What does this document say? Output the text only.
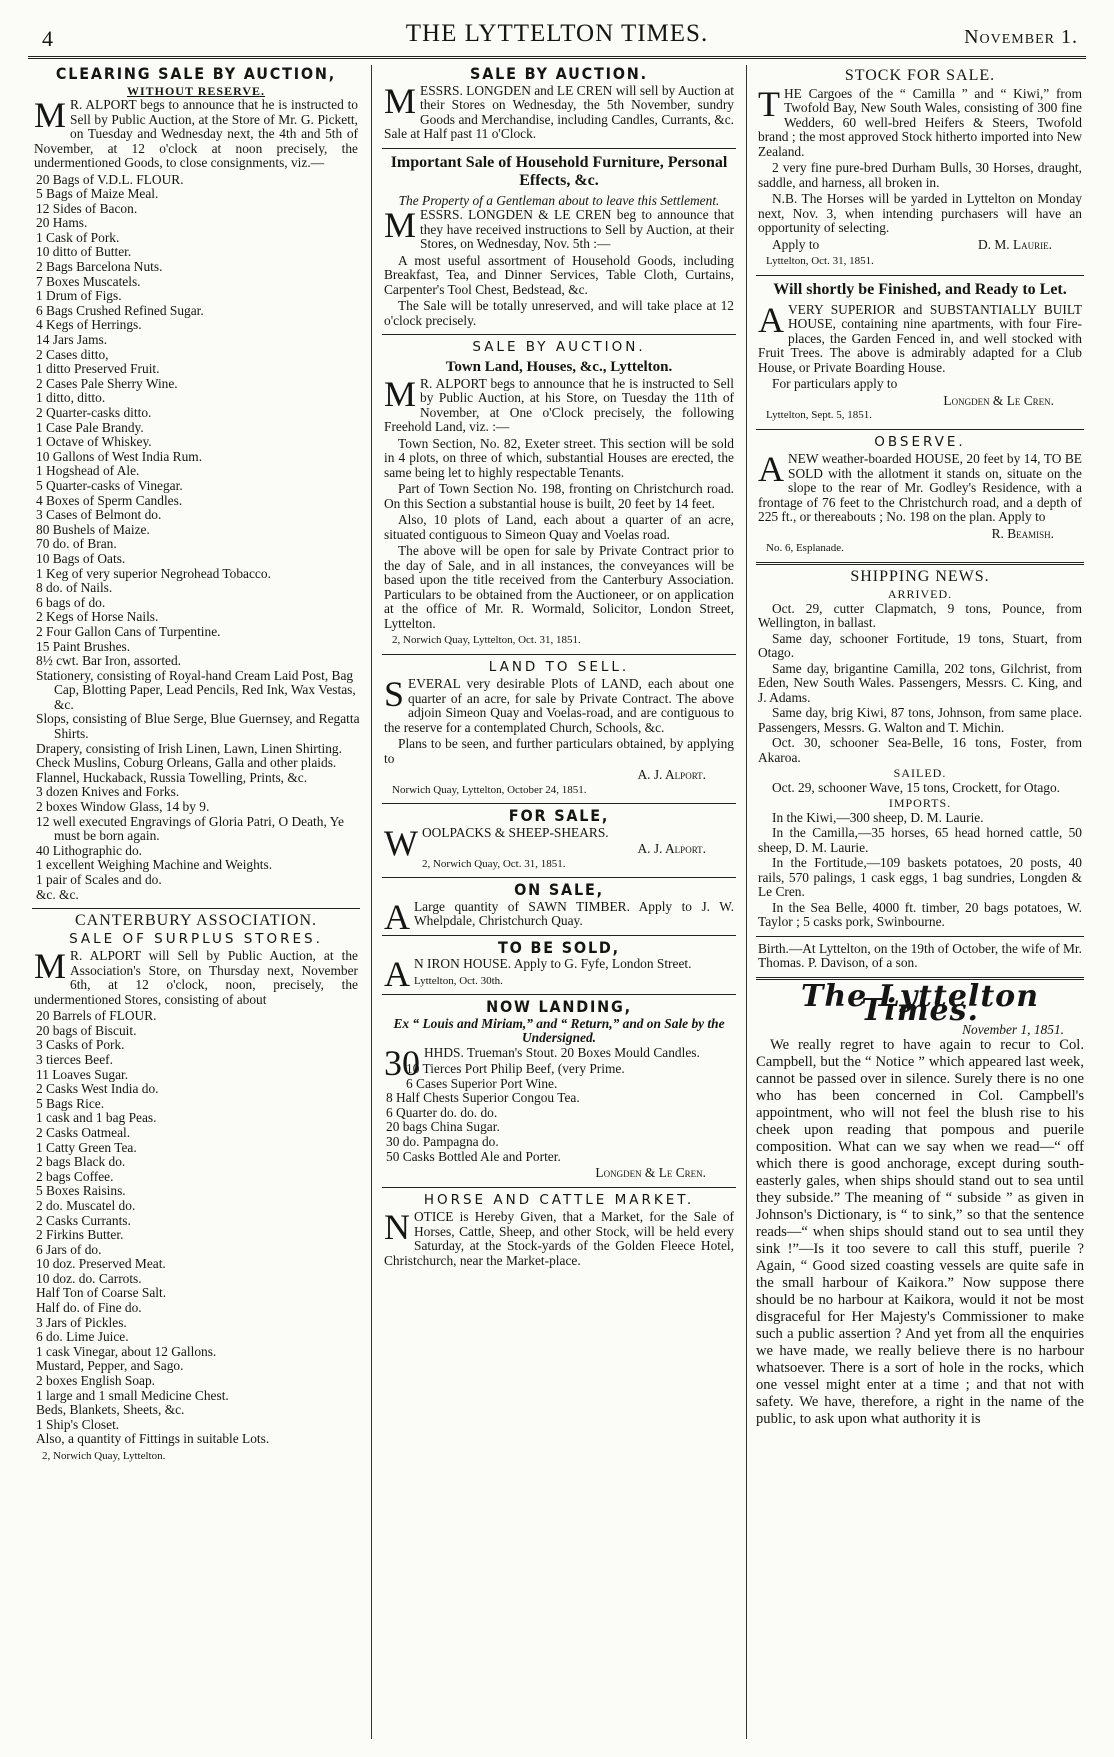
4	THE LYTTELTON TIMES.	November 1.
CLEARING SALE BY AUCTION,
WITHOUT RESERVE.
M R. ALPORT begs to announce that he is instructed to Sell by Public Auction, at the Store of Mr. G. Pickett, on Tuesday and Wednesday next, the 4th and 5th of November, at 12 o'clock at noon precisely, the undermentioned Goods, to close consignments, viz.—
20 Bags of V.D.L. FLOUR.
5 Bags of Maize Meal.
12 Sides of Bacon.
20 Hams.
1 Cask of Pork.
10 ditto of Butter.
2 Bags Barcelona Nuts.
7 Boxes Muscatels.
1 Drum of Figs.
6 Bags Crushed Refined Sugar.
4 Kegs of Herrings.
14 Jars Jams.
2 Cases ditto,
1 ditto Preserved Fruit.
2 Cases Pale Sherry Wine.
1 ditto, ditto.
2 Quarter-casks ditto.
1 Case Pale Brandy.
1 Octave of Whiskey.
10 Gallons of West India Rum.
1 Hogshead of Ale.
5 Quarter-casks of Vinegar.
4 Boxes of Sperm Candles.
3 Cases of Belmont do.
80 Bushels of Maize.
70 do. of Bran.
10 Bags of Oats.
1 Keg of very superior Negrohead Tobacco.
8 do. of Nails.
6 bags of do.
2 Kegs of Horse Nails.
2 Four Gallon Cans of Turpentine.
15 Paint Brushes.
8½ cwt. Bar Iron, assorted.
Stationery, consisting of Royal-hand Cream Laid Post, Bag Cap, Blotting Paper, Lead Pencils, Red Ink, Wax Vestas, &c.
Slops, consisting of Blue Serge, Blue Guernsey, and Regatta Shirts.
Drapery, consisting of Irish Linen, Lawn, Linen Shirting.
Check Muslins, Coburg Orleans, Galla and other plaids.
Flannel, Huckaback, Russia Towelling, Prints, &c.
3 dozen Knives and Forks.
2 boxes Window Glass, 14 by 9.
12 well executed Engravings of Gloria Patri, O Death, Ye must be born again.
40 Lithographic do.
1 excellent Weighing Machine and Weights.
1 pair of Scales and do.
&c. &c.
CANTERBURY ASSOCIATION.
SALE OF SURPLUS STORES.
M R. ALPORT will Sell by Public Auction, at the Association's Store, on Thursday next, November 6th, at 12 o'clock, noon, precisely, the undermentioned Stores, consisting of about
20 Barrels of FLOUR.
20 bags of Biscuit.
3 Casks of Pork.
3 tierces Beef.
11 Loaves Sugar.
2 Casks West India do.
5 Bags Rice.
1 cask and 1 bag Peas.
2 Casks Oatmeal.
1 Catty Green Tea.
2 bags Black do.
2 bags Coffee.
5 Boxes Raisins.
2 do. Muscatel do.
2 Casks Currants.
2 Firkins Butter.
6 Jars of do.
10 doz. Preserved Meat.
10 doz. do. Carrots.
Half Ton of Coarse Salt.
Half do. of Fine do.
3 Jars of Pickles.
6 do. Lime Juice.
1 cask Vinegar, about 12 Gallons.
Mustard, Pepper, and Sago.
2 boxes English Soap.
1 large and 1 small Medicine Chest.
Beds, Blankets, Sheets, &c.
1 Ship's Closet.
Also, a quantity of Fittings in suitable Lots.
2, Norwich Quay, Lyttelton.
SALE BY AUCTION.
MESSRS. LONGDEN and LE CREN will sell by Auction at their Stores on Wednesday, the 5th November, sundry Goods and Merchandise, including Candles, Currants, &c. Sale at Half past 11 o'Clock.
Important Sale of Household Furniture, Personal Effects, &c.
The Property of a Gentleman about to leave this Settlement.
MESSRS. LONGDEN & LE CREN beg to announce that they have received instructions to Sell by Auction, at their Stores, on Wednesday, Nov. 5th :—
A most useful assortment of Household Goods, including Breakfast, Tea, and Dinner Services, Table Cloth, Curtains, Carpenter's Tool Chest, Bedstead, &c.
The Sale will be totally unreserved, and will take place at 12 o'clock precisely.
SALE BY AUCTION.
Town Land, Houses, &c., Lyttelton.
M R. ALPORT begs to announce that he is instructed to Sell by Public Auction, at his Store, on Tuesday the 11th of November, at One o'Clock precisely, the following Freehold Land, viz. :—
Town Section, No. 82, Exeter street. This section will be sold in 4 plots, on three of which, substantial Houses are erected, the same being let to highly respectable Tenants.
Part of Town Section No. 198, fronting on Christchurch road. On this Section a substantial house is built, 20 feet by 14 feet.
Also, 10 plots of Land, each about a quarter of an acre, situated contiguous to Simeon Quay and Voelas road.
The above will be open for sale by Private Contract prior to the day of Sale, and in all instances, the conveyances will be based upon the title received from the Canterbury Association. Particulars to be obtained from the Auctioneer, or on application at the office of Mr. R. Wormald, Solicitor, London Street, Lyttelton.
2, Norwich Quay, Lyttelton, Oct. 31, 1851.
LAND TO SELL.
SEVERAL very desirable Plots of LAND, each about one quarter of an acre, for sale by Private Contract. The above adjoin Simeon Quay and Voelas-road, and are contiguous to the reserve for a contemplated Church, Schools, &c.
Plans to be seen, and further particulars obtained, by applying to
A. J. Alport.
Norwich Quay, Lyttelton, October 24, 1851.
FOR SALE,
WOOLPACKS & SHEEP-SHEARS.
A. J. Alport.
2, Norwich Quay, Oct. 31, 1851.
ON SALE,
A Large quantity of SAWN TIMBER. Apply to J. W. Whelpdale, Christchurch Quay.
TO BE SOLD,
A N IRON HOUSE. Apply to G. Fyfe, London Street.
Lyttelton, Oct. 30th.
NOW LANDING,
Ex “ Louis and Miriam,” and “ Return,” and on Sale by the Undersigned.
30 HHDS. Trueman's Stout. 20 Boxes Mould Candles.
10 Tierces Port Philip Beef, (very Prime.
6 Cases Superior Port Wine.
8 Half Chests Superior Congou Tea.
6 Quarter do. do. do.
20 bags China Sugar.
30 do. Pampagna do.
50 Casks Bottled Ale and Porter.
Longden & Le Cren.
HORSE AND CATTLE MARKET.
NOTICE is Hereby Given, that a Market, for the Sale of Horses, Cattle, Sheep, and other Stock, will be held every Saturday, at the Stock-yards of the Golden Fleece Hotel, Christchurch, near the Market-place.
STOCK FOR SALE.
THE Cargoes of the “ Camilla ” and “ Kiwi,” from Twofold Bay, New South Wales, consisting of 300 fine Wedders, 60 well-bred Heifers & Steers, Twofold brand ; the most approved Stock hitherto imported into New Zealand.
2 very fine pure-bred Durham Bulls, 30 Horses, draught, saddle, and harness, all broken in.
N.B. The Horses will be yarded in Lyttelton on Monday next, Nov. 3, when intending purchasers will have an opportunity of selecting.
Apply to	D. M. Laurie.
Lyttelton, Oct. 31, 1851.
Will shortly be Finished, and Ready to Let.
AVERY SUPERIOR and SUBSTANTIALLY BUILT HOUSE, containing nine apartments, with four Fire-places, the Garden Fenced in, and well stocked with Fruit Trees. The above is admirably adapted for a Club House, or Private Boarding House.
For particulars apply to
Longden & Le Cren.
Lyttelton, Sept. 5, 1851.
OBSERVE.
ANEW weather-boarded HOUSE, 20 feet by 14, TO BE SOLD with the allotment it stands on, situate on the slope to the rear of Mr. Godley's Residence, with a frontage of 76 feet to the Christchurch road, and a depth of 225 ft., or thereabouts ; No. 198 on the plan. Apply to
R. Beamish.
No. 6, Esplanade.
SHIPPING NEWS.
ARRIVED.

Oct. 29, cutter Clapmatch, 9 tons, Pounce, from Wellington, in ballast.

Same day, schooner Fortitude, 19 tons, Stuart, from Otago.

Same day, brigantine Camilla, 202 tons, Gilchrist, from Eden, New South Wales. Passengers, Messrs. C. King, and J. Adams.

Same day, brig Kiwi, 87 tons, Johnson, from same place. Passengers, Messrs. G. Walton and T. Michin.

Oct. 30, schooner Sea-Belle, 16 tons, Foster, from Akaroa.

SAILED.

Oct. 29, schooner Wave, 15 tons, Crockett, for Otago.

IMPORTS.

In the Kiwi,—300 sheep, D. M. Laurie.

In the Camilla,—35 horses, 65 head horned cattle, 50 sheep, D. M. Laurie.

In the Fortitude,—109 baskets potatoes, 20 posts, 40 rails, 570 palings, 1 cask eggs, 1 bag sundries, Longden & Le Cren.

In the Sea Belle, 4000 ft. timber, 20 bags potatoes, W. Taylor ; 5 casks pork, Swinbourne.

Birth.—At Lyttelton, on the 19th of October, the wife of Mr. Thomas. P. Davison, of a son.
The Lyttelton Times.
November 1, 1851.
We really regret to have again to recur to Col. Campbell, but the “ Notice ” which appeared last week, cannot be passed over in silence. Surely there is no one who has been concerned in Col. Campbell's appointment, who will not feel the blush rise to his cheek upon reading that pompous and puerile composition. What can we say when we read—“ off which there is good anchorage, except during south-easterly gales, when ships should stand out to sea until they subside.” The meaning of “ subside ” as given in Johnson's Dictionary, is “ to sink,” so that the sentence reads—“ when ships should stand out to sea until they sink !”—Is it too severe to call this stuff, puerile ? Again, “ Good sized coasting vessels are quite safe in the small harbour of Kaikora.” Now suppose there should be no harbour at Kaikora, would it not be most disgraceful for Her Majesty's Commissioner to make such a public assertion ? And yet from all the enquiries we have made, we really believe there is no harbour whatsoever. There is a sort of hole in the rocks, which one vessel might enter at a time ; and that not with safety. We have, therefore, a right in the name of the public, to ask upon what authority it is
